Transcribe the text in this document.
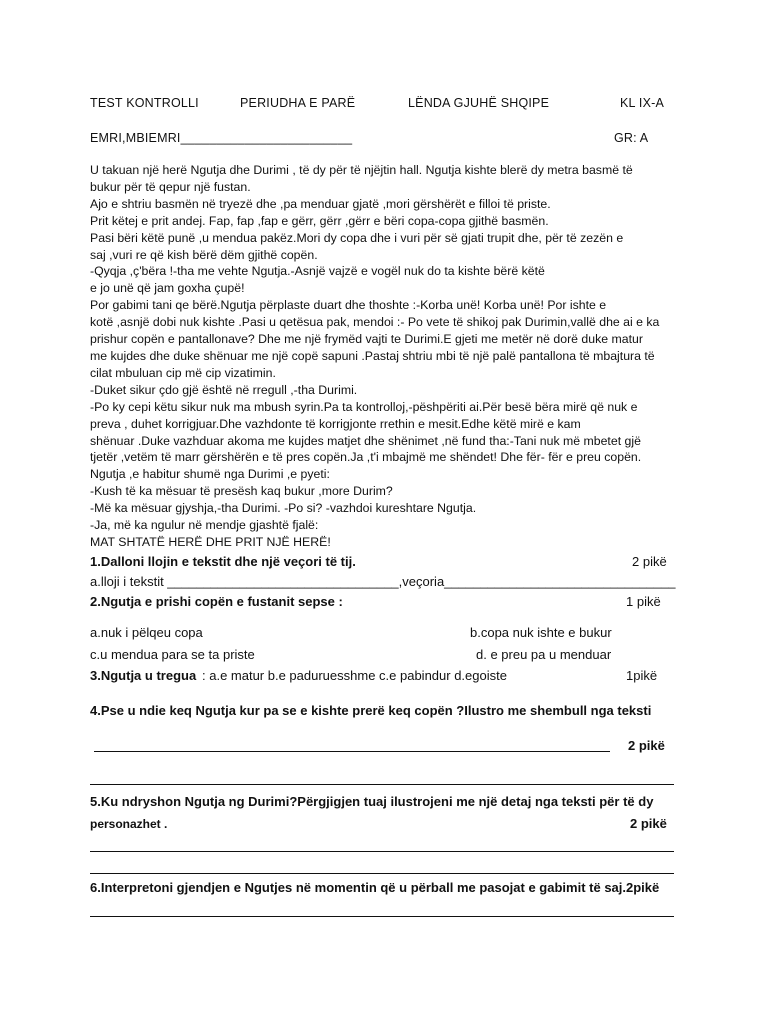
TEST KONTROLLI	PERIUDHA E PARË	LËNDA GJUHË SHQIPE	KL IX-A
EMRI,MBIEMRI________________________	GR: A
U takuan një herë Ngutja dhe Durimi , të dy për të njëjtin hall. Ngutja kishte blerë dy metra basmë të
bukur për të qepur një fustan.
Ajo e shtriu basmën në tryezë dhe ,pa menduar gjatë ,mori gërshërët e filloi të priste.
Prit këtej e prit andej. Fap, fap ,fap e gërr, gërr ,gërr e bëri copa-copa gjithë basmën.
Pasi bëri këtë punë ,u mendua pakëz.Mori dy copa dhe i vuri për së gjati trupit dhe, për të zezën e
saj ,vuri re që kish bërë dëm gjithë copën.
-Qyqja ,ç'bëra !-tha me vehte Ngutja.-Asnjë vajzë e vogël nuk do ta kishte bërë këtë
e jo unë që jam goxha çupë!
Por gabimi tani qe bërë.Ngutja përplaste duart dhe thoshte :-Korba unë! Korba unë! Por ishte e
kotë ,asnjë dobi nuk kishte .Pasi u qetësua pak, mendoi :- Po vete të shikoj pak Durimin,vallë dhe ai e ka
prishur copën e pantallonave? Dhe me një frymëd vajti te Durimi.E gjeti me metër në dorë duke matur
me kujdes dhe duke shënuar me një copë sapuni .Pastaj shtriu mbi të një palë pantallona të mbajtura të
cilat mbuluan cip më cip vizatimin.
-Duket sikur çdo gjë është në rregull ,-tha Durimi.
-Po ky cepi këtu sikur nuk ma mbush syrin.Pa ta kontrolloj,-pëshpëriti ai.Për besë bëra mirë që nuk e
preva , duhet korrigjuar.Dhe vazhdonte të korrigjonte rrethin e mesit.Edhe këtë mirë e kam
shënuar .Duke vazhduar akoma me kujdes matjet dhe shënimet ,në fund tha:-Tani nuk më mbetet gjë
tjetër ,vetëm të marr gërshërën e të pres copën.Ja ,t'i mbajmë me shëndet! Dhe fër- fër e preu copën.
Ngutja ,e habitur shumë nga Durimi ,e pyeti:
-Kush të ka mësuar të presësh kaq bukur ,more Durim?
-Më ka mësuar gjyshja,-tha Durimi. -Po si? -vazhdoi kureshtare Ngutja.
-Ja, më ka ngulur në mendje gjashtë fjalë:
MAT SHTATË HERË DHE PRIT NJË HERË!
1.Dalloni llojin e tekstit dhe një veçori të tij.	2 pikë
a.lloji i tekstit ________________________________,veçoria________________________________
2.Ngutja e prishi copën e fustanit sepse :	1 pikë
a.nuk i pëlqeu copa	b.copa nuk ishte e bukur
c.u mendua para se ta priste	d. e preu pa u menduar
3.Ngutja u tregua : a.e matur b.e paduruesshme c.e pabindur d.egoiste	1pikë
4.Pse u ndie keq Ngutja kur pa se e kishte prerë keq copën ?Ilustro me shembull nga teksti
2 pikë
5.Ku ndryshon Ngutja ng Durimi?Përgjigjen tuaj ilustrojeni me një detaj nga teksti për të dy
personazhet .	2 pikë
6.Interpretoni gjendjen e Ngutjes në momentin që u përball me pasojat e gabimit të saj.2pikë
